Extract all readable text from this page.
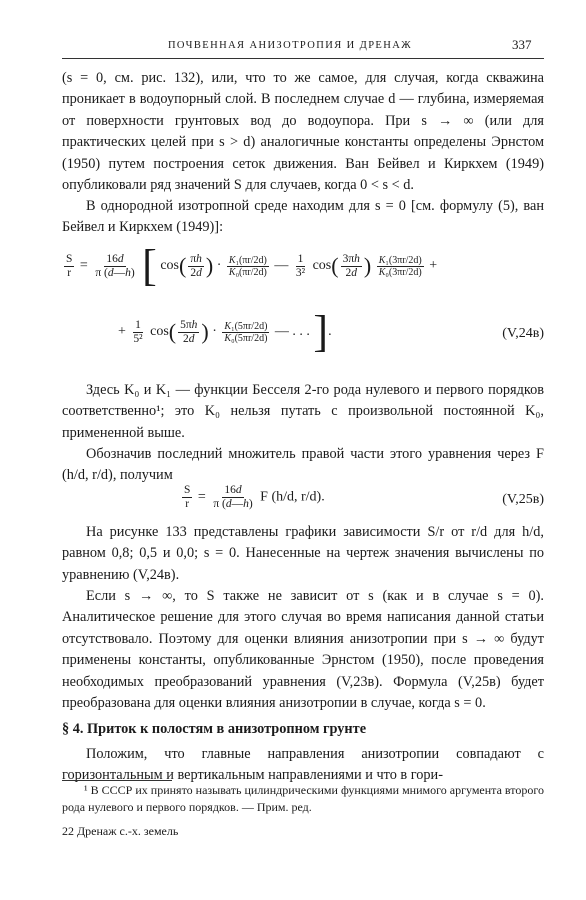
ПОЧВЕННАЯ АНИЗОТРОПИЯ И ДРЕНАЖ	337
(s = 0, см. рис. 132), или, что то же самое, для случая, когда скважина проникает в водоупорный слой. В последнем случае d — глубина, измеряемая от поверхности грунтовых вод до водоупора. При s → ∞ (или для практических целей при s > d) аналогичные константы определены Эрнстом (1950) путем построения сеток движения. Ван Бейвел и Киркхем (1949) опубликовали ряд значений S для случаев, когда 0 < s < d.
В однородной изотропной среде находим для s = 0 [см. формулу (5), ван Бейвел и Киркхем (1949)]:
$\frac{S}{r} = \frac{16d}{\pi (d—h)}$ [ $\cos( \frac{\pi h}{2d}$ ) · $\frac{\text{K₁(πr/2d)}}{\text{K₀(πr/2d)}}$ — $\frac{1}{\text{3²}} \cos( \frac{3\pi h}{2d}$ ) $\frac{\text{K₁(3πr/2d)}}{\text{K₀(3πr/2d)}}$ +
+ $\frac{1}{\text{5²}} \cos( \frac{5\pi h}{2d}$ ) · $\frac{\text{K₁(5πr/2d)}}{\text{K₀(5πr/2d)}}$ — . . . ].	(V,24в)
Здесь K₀ и K₁ — функции Бесселя 2-го рода нулевого и первого порядков соответственно¹; это K₀ нельзя путать с произвольной постоянной K₀, примененной выше.
Обозначив последний множитель правой части этого уравнения через F (h/d, r/d), получим
$\frac{S}{r} = \frac{16d}{\pi (d—h)}$ F (h/d, r/d).	(V,25в)
На рисунке 133 представлены графики зависимости S/r от r/d для h/d, равном 0,8; 0,5 и 0,0; s = 0. Нанесенные на чертеж значения вычислены по уравнению (V,24в).
Если s → ∞, то S также не зависит от s (как и в случае s = 0). Аналитическое решение для этого случая во время написания данной статьи отсутствовало. Поэтому для оценки влияния анизотропии при s → ∞ будут применены константы, опубликованные Эрнстом (1950), после проведения необходимых преобразований уравнения (V,23в). Формула (V,25в) будет преобразована для оценки влияния анизотропии в случае, когда s = 0.
§ 4. Приток к полостям в анизотропном грунте
Положим, что главные направления анизотропии совпадают с горизонтальным и вертикальным направлениями и что в гори-
¹ В СССР их принято называть цилиндрическими функциями мнимого аргумента второго рода нулевого и первого порядков. — Прим. ред.
22 Дренаж с.-х. земель
